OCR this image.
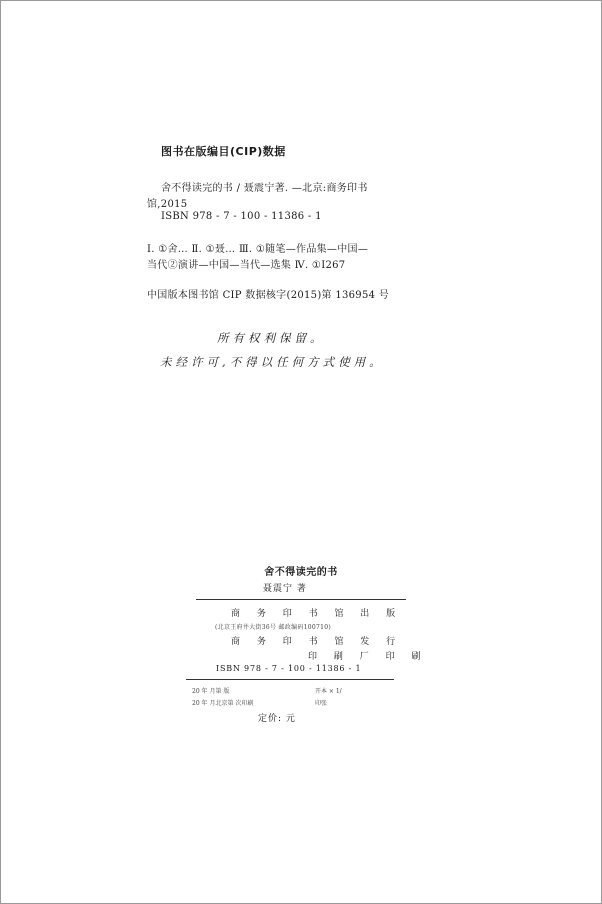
图书在版编目(CIP)数据
舍不得读完的书 / 聂震宁著. —北京:商务印书
馆,2015
ISBN 978 - 7 - 100 - 11386 - 1
Ⅰ. ①舍… Ⅱ. ①聂… Ⅲ. ①随笔—作品集—中国—
当代②演讲—中国—当代—选集 Ⅳ. ①I267
中国版本图书馆 CIP 数据核字(2015)第 136954 号
所有权利保留。
未经许可,不得以任何方式使用。
舍不得读完的书
聂震宁 著
商 务 印 书 馆 出 版
(北京王府井大街36号 邮政编码100710)
商 务 印 书 馆 发 行
印 刷 厂 印 刷
ISBN 978 - 7 - 100 - 11386 - 1
20 年 月第 版	开本 × 1/
20 年 月北京第 次印刷	印张
定价: 元
